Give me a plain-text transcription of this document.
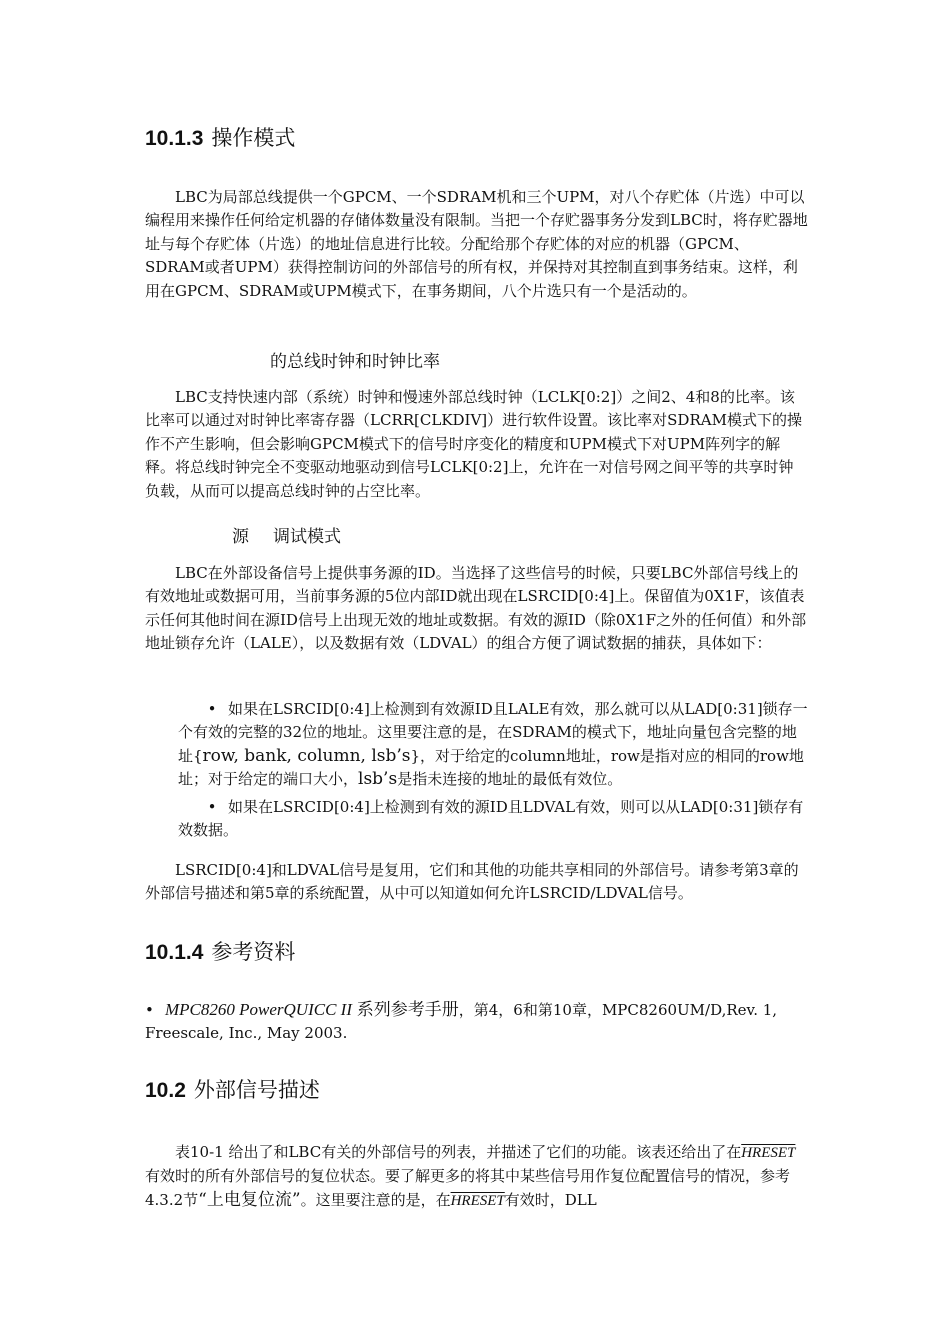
10.1.3 操作模式
LBC为局部总线提供一个GPCM、一个SDRAM机和三个UPM，对八个存贮体（片选）中可以编程用来操作任何给定机器的存储体数量没有限制。当把一个存贮器事务分发到LBC时，将存贮器地址与每个存贮体（片选）的地址信息进行比较。分配给那个存贮体的对应的机器（GPCM、SDRAM或者UPM）获得控制访问的外部信号的所有权，并保持对其控制直到事务结束。这样，利用在GPCM、SDRAM或UPM模式下，在事务期间，八个片选只有一个是活动的。
的总线时钟和时钟比率
LBC支持快速内部（系统）时钟和慢速外部总线时钟（LCLK[0:2]）之间2、4和8的比率。该比率可以通过对时钟比率寄存器（LCRR[CLKDIV]）进行软件设置。该比率对SDRAM模式下的操作不产生影响，但会影响GPCM模式下的信号时序变化的精度和UPM模式下对UPM阵列字的解释。将总线时钟完全不变驱动地驱动到信号LCLK[0:2]上，允许在一对信号网之间平等的共享时钟负载，从而可以提高总线时钟的占空比率。
源 调试模式
LBC在外部设备信号上提供事务源的ID。当选择了这些信号的时候，只要LBC外部信号线上的有效地址或数据可用，当前事务源的5位内部ID就出现在LSRCID[0:4]上。保留值为0X1F，该值表示任何其他时间在源ID信号上出现无效的地址或数据。有效的源ID（除0X1F之外的任何值）和外部地址锁存允许（LALE），以及数据有效（LDVAL）的组合方便了调试数据的捕获，具体如下：
• 如果在LSRCID[0:4]上检测到有效源ID且LALE有效，那么就可以从LAD[0:31]锁存一个有效的完整的32位的地址。这里要注意的是，在SDRAM的模式下，地址向量包含完整的地址{row, bank, column, lsb’s}，对于给定的column地址，row是指对应的相同的row地址；对于给定的端口大小，lsb’s是指未连接的地址的最低有效位。
• 如果在LSRCID[0:4]上检测到有效的源ID且LDVAL有效，则可以从LAD[0:31]锁存有效数据。
LSRCID[0:4]和LDVAL信号是复用，它们和其他的功能共享相同的外部信号。请参考第3章的外部信号描述和第5章的系统配置，从中可以知道如何允许LSRCID/LDVAL信号。
10.1.4 参考资料
• MPC8260 PowerQUICC II 系列参考手册，第4，6和第10章，MPC8260UM/D,Rev. 1, Freescale, Inc., May 2003.
10.2 外部信号描述
表10-1 给出了和LBC有关的外部信号的列表，并描述了它们的功能。该表还给出了在HRESET有效时的所有外部信号的复位状态。要了解更多的将其中某些信号用作复位配置信号的情况，参考4.3.2节“上电复位流”。这里要注意的是，在HRESET有效时，DLL
